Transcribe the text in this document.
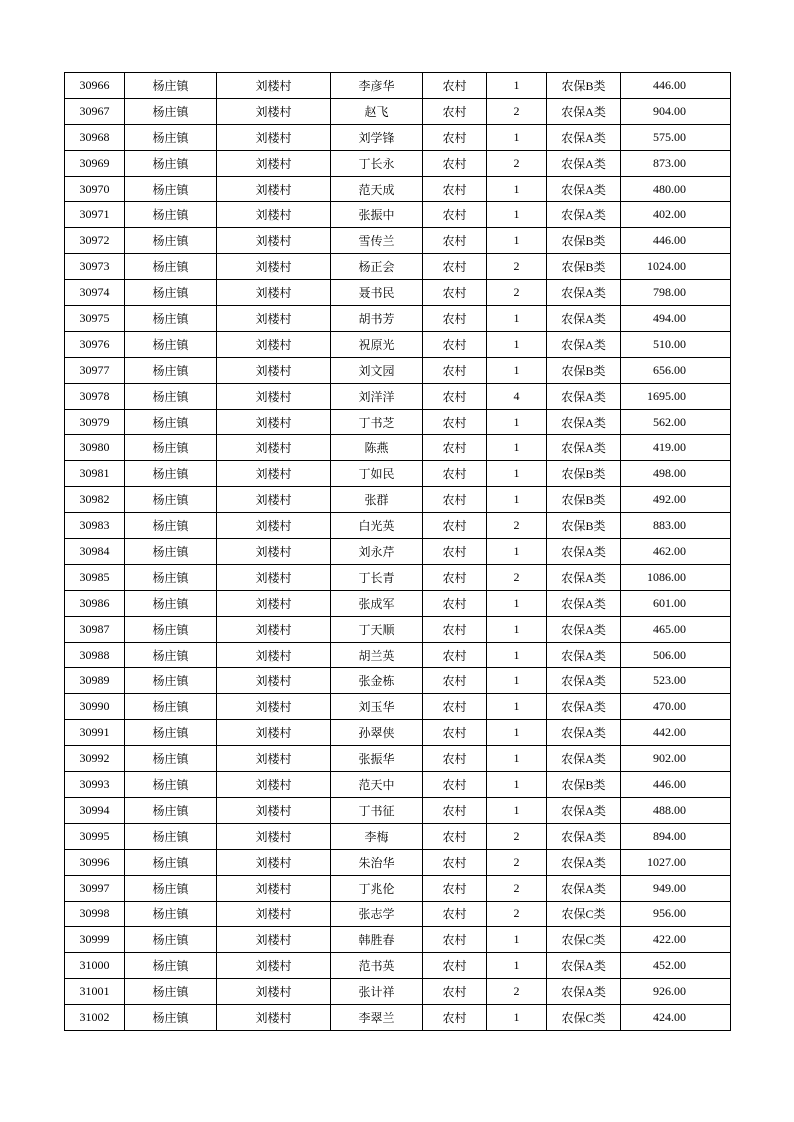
30966	杨庄镇	刘楼村	李彦华	农村	1	农保B类	446.00
30967	杨庄镇	刘楼村	赵飞	农村	2	农保A类	904.00
30968	杨庄镇	刘楼村	刘学锋	农村	1	农保A类	575.00
30969	杨庄镇	刘楼村	丁长永	农村	2	农保A类	873.00
30970	杨庄镇	刘楼村	范天成	农村	1	农保A类	480.00
30971	杨庄镇	刘楼村	张振中	农村	1	农保A类	402.00
30972	杨庄镇	刘楼村	雪传兰	农村	1	农保B类	446.00
30973	杨庄镇	刘楼村	杨正会	农村	2	农保B类	1024.00
30974	杨庄镇	刘楼村	聂书民	农村	2	农保A类	798.00
30975	杨庄镇	刘楼村	胡书芳	农村	1	农保A类	494.00
30976	杨庄镇	刘楼村	祝原光	农村	1	农保A类	510.00
30977	杨庄镇	刘楼村	刘文园	农村	1	农保B类	656.00
30978	杨庄镇	刘楼村	刘洋洋	农村	4	农保A类	1695.00
30979	杨庄镇	刘楼村	丁书芝	农村	1	农保A类	562.00
30980	杨庄镇	刘楼村	陈燕	农村	1	农保A类	419.00
30981	杨庄镇	刘楼村	丁如民	农村	1	农保B类	498.00
30982	杨庄镇	刘楼村	张群	农村	1	农保B类	492.00
30983	杨庄镇	刘楼村	白光英	农村	2	农保B类	883.00
30984	杨庄镇	刘楼村	刘永芹	农村	1	农保A类	462.00
30985	杨庄镇	刘楼村	丁长青	农村	2	农保A类	1086.00
30986	杨庄镇	刘楼村	张成军	农村	1	农保A类	601.00
30987	杨庄镇	刘楼村	丁天顺	农村	1	农保A类	465.00
30988	杨庄镇	刘楼村	胡兰英	农村	1	农保A类	506.00
30989	杨庄镇	刘楼村	张金栋	农村	1	农保A类	523.00
30990	杨庄镇	刘楼村	刘玉华	农村	1	农保A类	470.00
30991	杨庄镇	刘楼村	孙翠侠	农村	1	农保A类	442.00
30992	杨庄镇	刘楼村	张振华	农村	1	农保A类	902.00
30993	杨庄镇	刘楼村	范天中	农村	1	农保B类	446.00
30994	杨庄镇	刘楼村	丁书征	农村	1	农保A类	488.00
30995	杨庄镇	刘楼村	李梅	农村	2	农保A类	894.00
30996	杨庄镇	刘楼村	朱治华	农村	2	农保A类	1027.00
30997	杨庄镇	刘楼村	丁兆伦	农村	2	农保A类	949.00
30998	杨庄镇	刘楼村	张志学	农村	2	农保C类	956.00
30999	杨庄镇	刘楼村	韩胜春	农村	1	农保C类	422.00
31000	杨庄镇	刘楼村	范书英	农村	1	农保A类	452.00
31001	杨庄镇	刘楼村	张计祥	农村	2	农保A类	926.00
31002	杨庄镇	刘楼村	李翠兰	农村	1	农保C类	424.00
